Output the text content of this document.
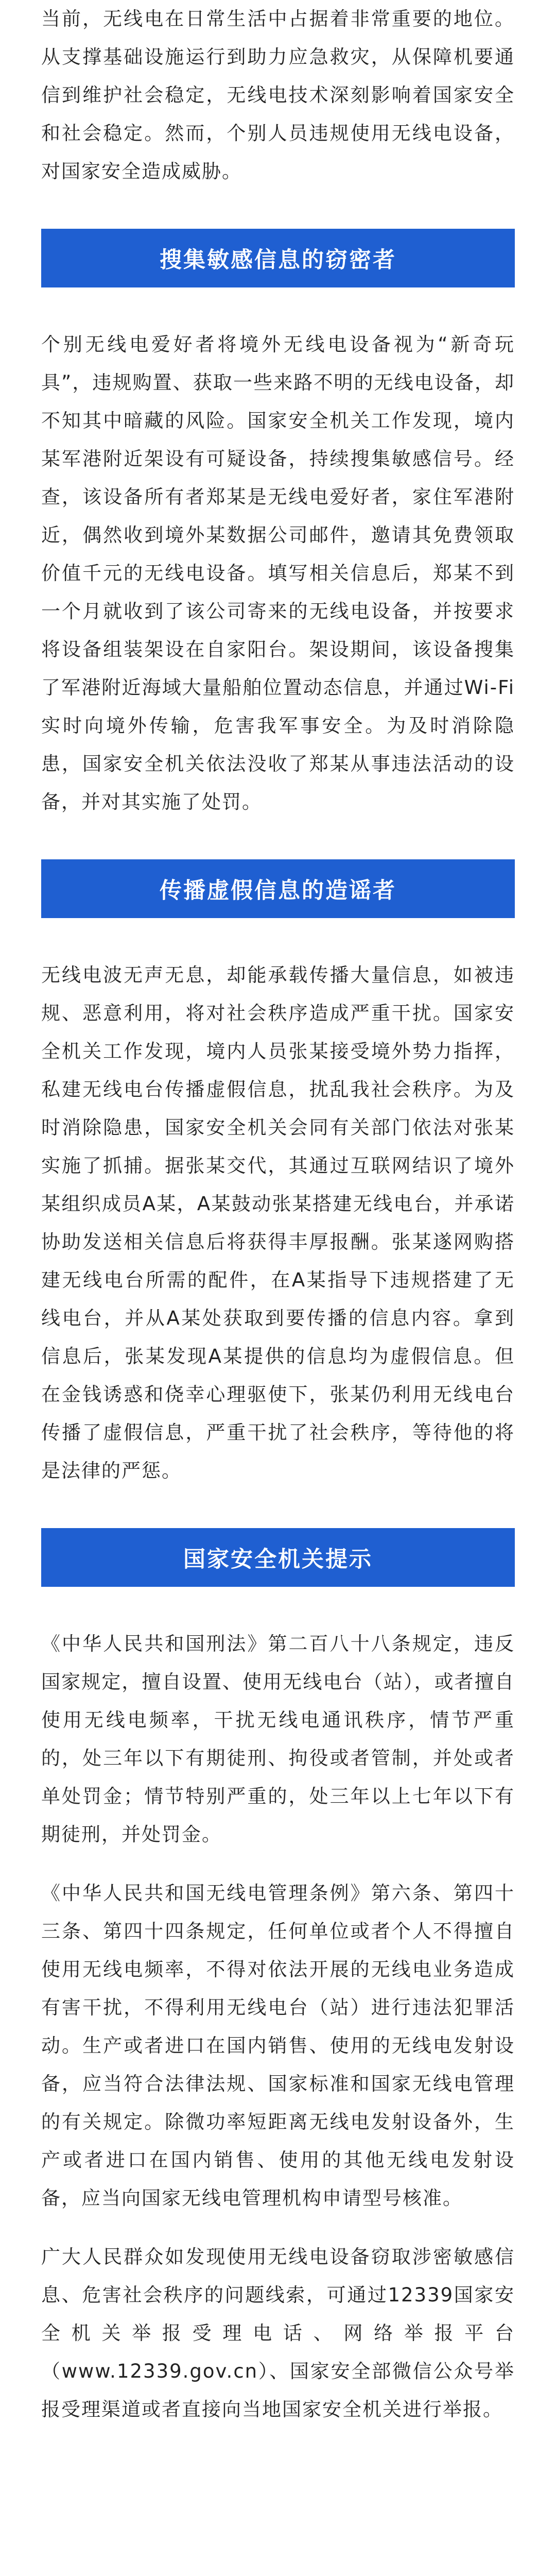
当前，无线电在日常生活中占据着非常重要的地位。从支撑基础设施运行到助力应急救灾，从保障机要通信到维护社会稳定，无线电技术深刻影响着国家安全和社会稳定。然而，个别人员违规使用无线电设备，对国家安全造成威胁。

搜集敏感信息的窃密者

个别无线电爱好者将境外无线电设备视为“新奇玩具”，违规购置、获取一些来路不明的无线电设备，却不知其中暗藏的风险。国家安全机关工作发现，境内某军港附近架设有可疑设备，持续搜集敏感信号。经查，该设备所有者郑某是无线电爱好者，家住军港附近，偶然收到境外某数据公司邮件，邀请其免费领取价值千元的无线电设备。填写相关信息后，郑某不到一个月就收到了该公司寄来的无线电设备，并按要求将设备组装架设在自家阳台。架设期间，该设备搜集了军港附近海域大量船舶位置动态信息，并通过Wi-Fi实时向境外传输，危害我军事安全。为及时消除隐患，国家安全机关依法没收了郑某从事违法活动的设备，并对其实施了处罚。

传播虚假信息的造谣者

无线电波无声无息，却能承载传播大量信息，如被违规、恶意利用，将对社会秩序造成严重干扰。国家安全机关工作发现，境内人员张某接受境外势力指挥，私建无线电台传播虚假信息，扰乱我社会秩序。为及时消除隐患，国家安全机关会同有关部门依法对张某实施了抓捕。据张某交代，其通过互联网结识了境外某组织成员A某，A某鼓动张某搭建无线电台，并承诺协助发送相关信息后将获得丰厚报酬。张某遂网购搭建无线电台所需的配件，在A某指导下违规搭建了无线电台，并从A某处获取到要传播的信息内容。拿到信息后，张某发现A某提供的信息均为虚假信息。但在金钱诱惑和侥幸心理驱使下，张某仍利用无线电台传播了虚假信息，严重干扰了社会秩序，等待他的将是法律的严惩。

国家安全机关提示

《中华人民共和国刑法》第二百八十八条规定，违反国家规定，擅自设置、使用无线电台（站），或者擅自使用无线电频率，干扰无线电通讯秩序，情节严重的，处三年以下有期徒刑、拘役或者管制，并处或者单处罚金；情节特别严重的，处三年以上七年以下有期徒刑，并处罚金。

《中华人民共和国无线电管理条例》第六条、第四十三条、第四十四条规定，任何单位或者个人不得擅自使用无线电频率，不得对依法开展的无线电业务造成有害干扰，不得利用无线电台（站）进行违法犯罪活动。生产或者进口在国内销售、使用的无线电发射设备，应当符合法律法规、国家标准和国家无线电管理的有关规定。除微功率短距离无线电发射设备外，生产或者进口在国内销售、使用的其他无线电发射设备，应当向国家无线电管理机构申请型号核准。

广大人民群众如发现使用无线电设备窃取涉密敏感信息、危害社会秩序的问题线索，可通过12339国家安全机关举报受理电话、网络举报平台（www.12339.gov.cn）、国家安全部微信公众号举报受理渠道或者直接向当地国家安全机关进行举报。
